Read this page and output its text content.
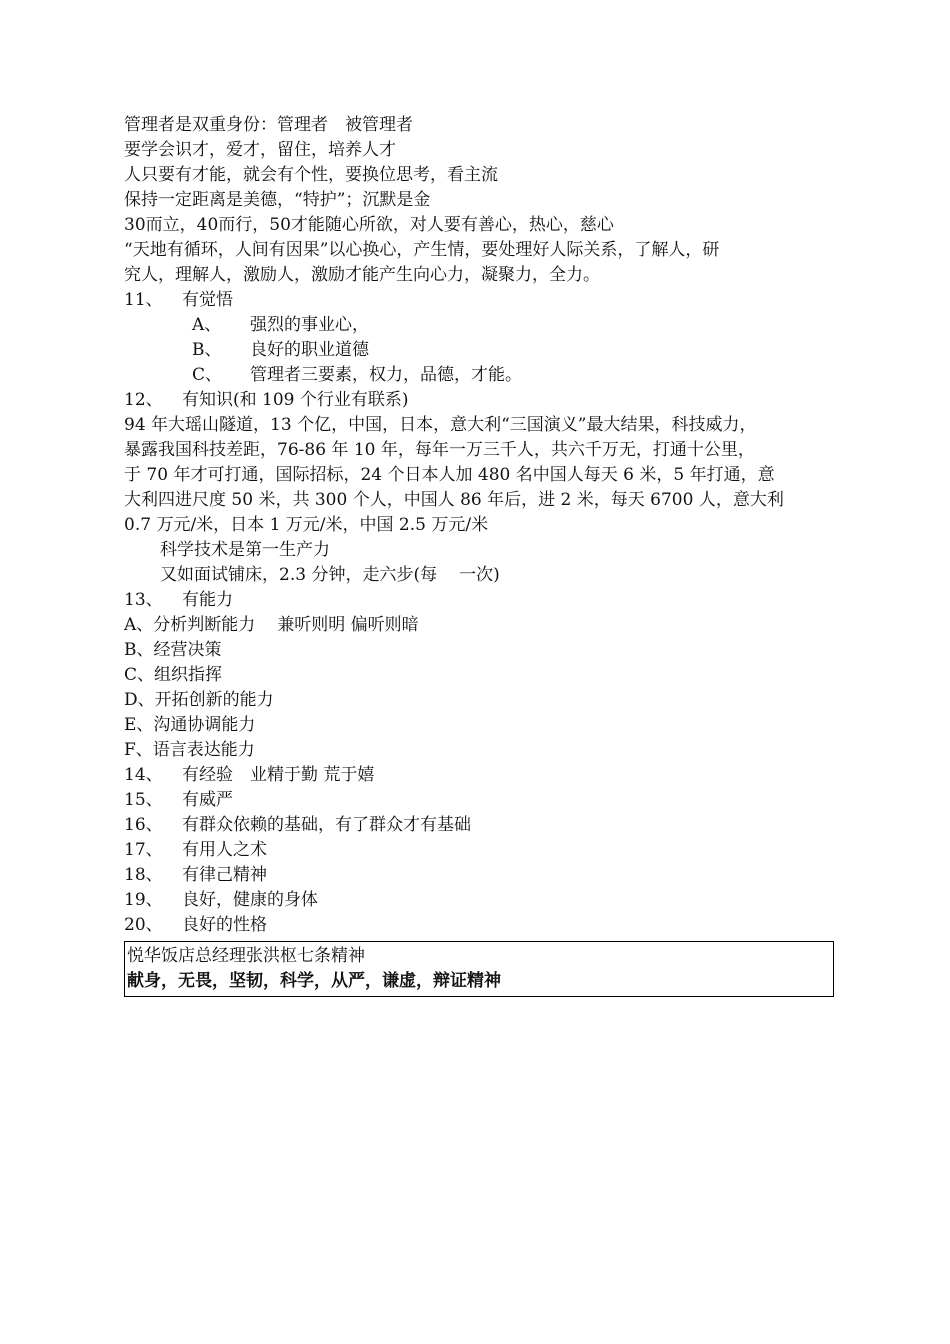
管理者是双重身份：管理者　被管理者
要学会识才，爱才，留住，培养人才
人只要有才能，就会有个性，要换位思考，看主流
保持一定距离是美德，“特护”；沉默是金
30而立，40而行，50才能随心所欲，对人要有善心，热心，慈心
“天地有循环，人间有因果”以心换心，产生情，要处理好人际关系，了解人，研
究人，理解人，激励人，激励才能产生向心力，凝聚力，全力。
11、 有觉悟
A、 强烈的事业心，
B、 良好的职业道德
C、 管理者三要素，权力，品德，才能。
12、 有知识(和 109 个行业有联系)
94 年大瑶山隧道，13 个亿，中国，日本，意大利“三国演义”最大结果，科技威力，
暴露我国科技差距，76-86 年 10 年，每年一万三千人，共六千万无，打通十公里，
于 70 年才可打通，国际招标，24 个日本人加 480 名中国人每天 6 米，5 年打通，意
大利四进尺度 50 米，共 300 个人，中国人 86 年后，进 2 米，每天 6700 人，意大利
0.7 万元/米，日本 1 万元/米，中国 2.5 万元/米
科学技术是第一生产力
又如面试铺床，2.3 分钟，走六步(每 一次)
13、 有能力
A、分析判断能力 兼听则明 偏听则暗
B、经营决策
C、组织指挥
D、开拓创新的能力
E、沟通协调能力
F、语言表达能力
14、 有经验　业精于勤 荒于嬉
15、 有威严
16、 有群众依赖的基础，有了群众才有基础
17、 有用人之术
18、 有律己精神
19、 良好，健康的身体
20、 良好的性格
悦华饭店总经理张洪枢七条精神
献身，无畏，坚韧，科学，从严，谦虚，辩证精神
